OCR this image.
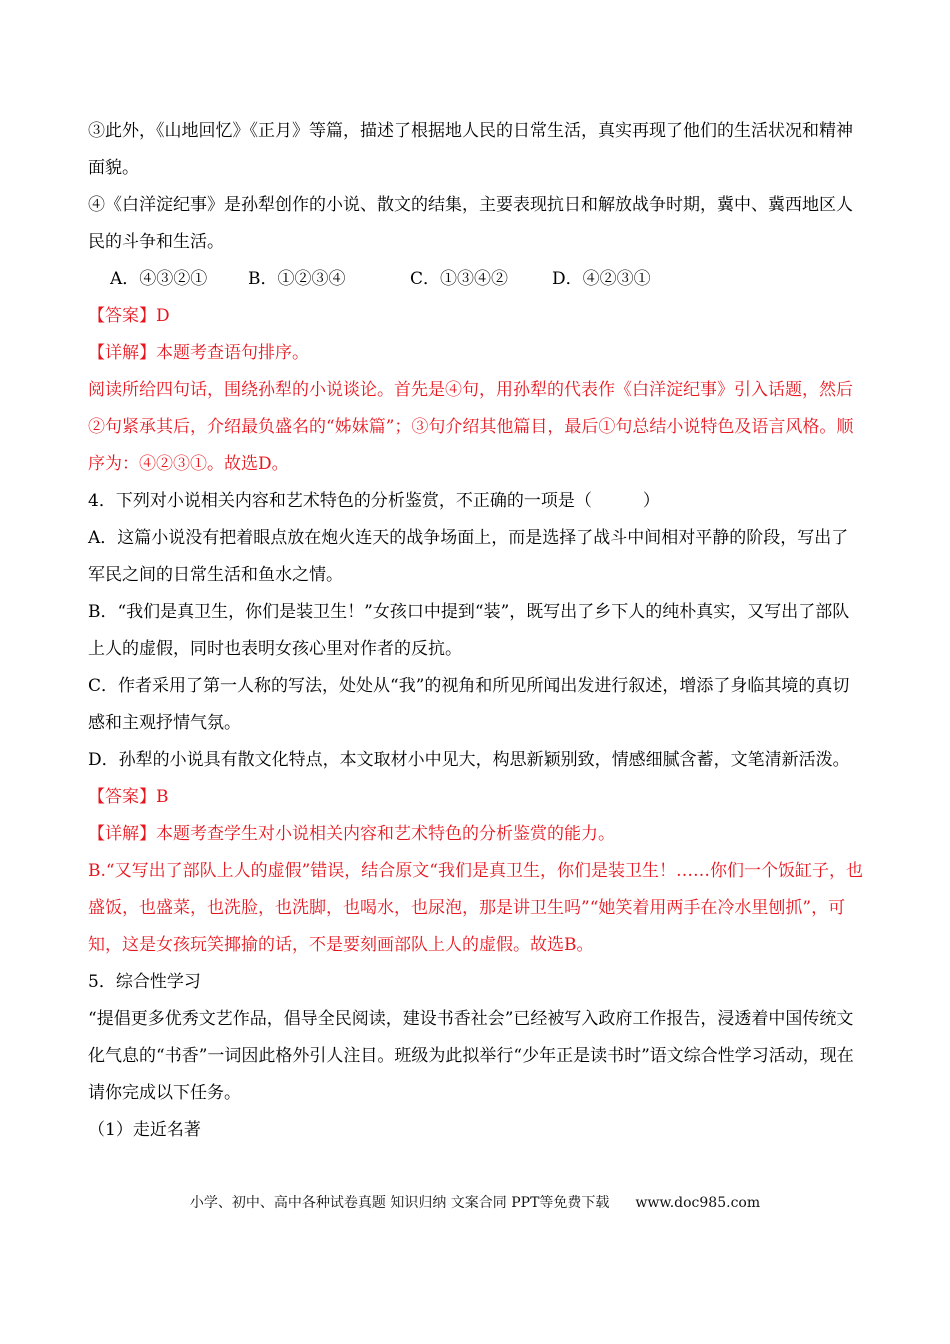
③此外，《山地回忆》《正月》等篇，描述了根据地人民的日常生活，真实再现了他们的生活状况和精神面貌。

④《白洋淀纪事》是孙犁创作的小说、散文的结集，主要表现抗日和解放战争时期，冀中、冀西地区人民的斗争和生活。

A．④③②①	B．①②③④	C．①③④②	D．④②③①

【答案】D

【详解】本题考查语句排序。

阅读所给四句话，围绕孙犁的小说谈论。首先是④句，用孙犁的代表作《白洋淀纪事》引入话题，然后②句紧承其后，介绍最负盛名的“姊妹篇”；③句介绍其他篇目，最后①句总结小说特色及语言风格。顺序为：④②③①。故选D。

4．下列对小说相关内容和艺术特色的分析鉴赏，不正确的一项是（　　　）

A．这篇小说没有把着眼点放在炮火连天的战争场面上，而是选择了战斗中间相对平静的阶段，写出了军民之间的日常生活和鱼水之情。

B．“我们是真卫生，你们是装卫生！”女孩口中提到“装”，既写出了乡下人的纯朴真实，又写出了部队上人的虚假，同时也表明女孩心里对作者的反抗。

C．作者采用了第一人称的写法，处处从“我”的视角和所见所闻出发进行叙述，增添了身临其境的真切感和主观抒情气氛。

D．孙犁的小说具有散文化特点，本文取材小中见大，构思新颖别致，情感细腻含蓄，文笔清新活泼。

【答案】B

【详解】本题考查学生对小说相关内容和艺术特色的分析鉴赏的能力。

B.“又写出了部队上人的虚假”错误，结合原文“我们是真卫生，你们是装卫生！……你们一个饭缸子，也盛饭，也盛菜，也洗脸，也洗脚，也喝水，也尿泡，那是讲卫生吗”“她笑着用两手在冷水里刨抓”，可知，这是女孩玩笑揶揄的话，不是要刻画部队上人的虚假。故选B。

5．综合性学习

“提倡更多优秀文艺作品，倡导全民阅读，建设书香社会”已经被写入政府工作报告，浸透着中国传统文化气息的“书香”一词因此格外引人注目。班级为此拟举行“少年正是读书时”语文综合性学习活动，现在请你完成以下任务。

（1）走近名著

小学、初中、高中各种试卷真题 知识归纳 文案合同 PPT等免费下载 www.doc985.com
